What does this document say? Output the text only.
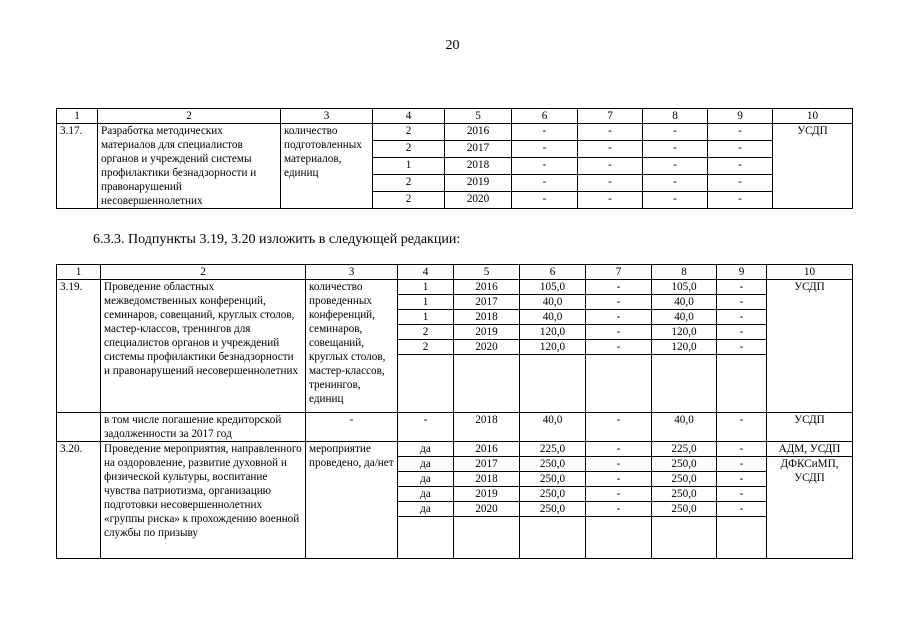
20
1	2	3	4	5	6	7	8	9	10
3.17.	Разработка методических материалов для специалистов органов и учреждений системы профилактики безнадзорности и правонарушений несовершеннолетних	количество подготовленных материалов, единиц	2	2016	-	-	-	-	УСДП
			2	2017	-	-	-	-	
			1	2018	-	-	-	-	
			2	2019	-	-	-	-	
			2	2020	-	-	-	-	
6.3.3. Подпункты 3.19, 3.20 изложить в следующей редакции:
1	2	3	4	5	6	7	8	9	10
3.19.	Проведение областных межведомственных конференций, семинаров, совещаний, круглых столов, мастер-классов, тренингов для специалистов органов и учреждений системы профилактики безнадзорности и правонарушений несовершеннолетних	количество проведенных конференций, семинаров, совещаний, круглых столов, мастер-классов, тренингов, единиц	1	2016	105,0	-	105,0	-	УСДП
			1	2017	40,0	-	40,0	-	
			1	2018	40,0	-	40,0	-	
			2	2019	120,0	-	120,0	-	
			2	2020	120,0	-	120,0	-	

	в том числе погашение кредиторской задолженности за 2017 год	-	-	2018	40,0	-	40,0	-	УСДП
3.20.	Проведение мероприятия, направленного на оздоровление, развитие духовной и физической культуры, воспитание чувства патриотизма, организацию подготовки несовершеннолетних «группы риска» к прохождению военной службы по призыву	мероприятие проведено, да/нет	да	2016	225,0	-	225,0	-	АДМ, УСДП
			да	2017	250,0	-	250,0	-	ДФКСиМП, УСДП
			да	2018	250,0	-	250,0	-	
			да	2019	250,0	-	250,0	-	
			да	2020	250,0	-	250,0	-	
